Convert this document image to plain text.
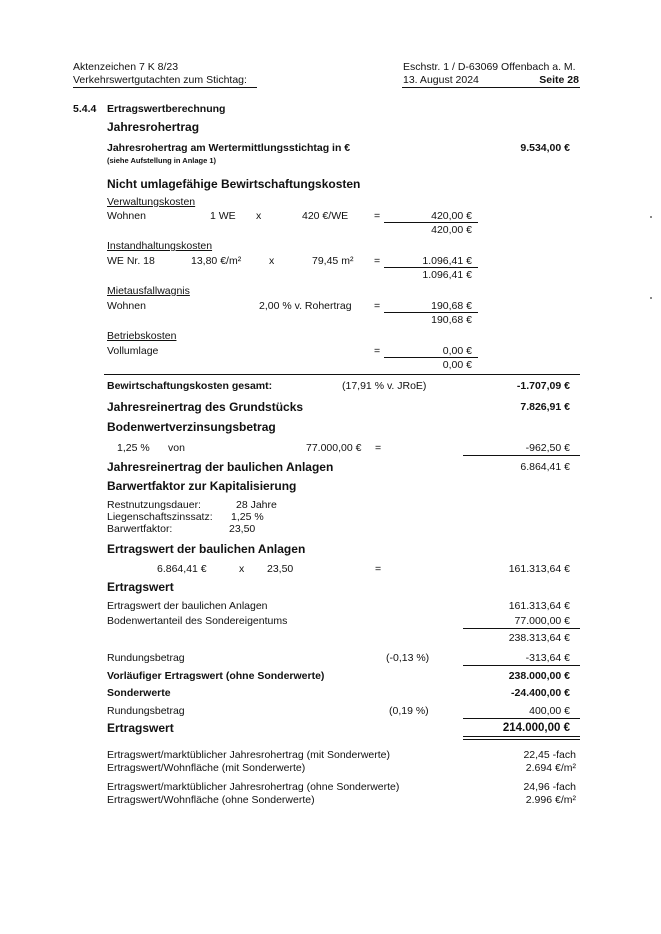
Aktenzeichen 7 K 8/23
Verkehrswertgutachten zum Stichtag:
Eschstr. 1 / D-63069 Offenbach a. M.
13. August 2024	Seite 28
5.4.4 Ertragswertberechnung
Jahresrohertrag
Jahresrohertrag am Wertermittlungsstichtag in €
(siehe Aufstellung in Anlage 1)
9.534,00 €
Nicht umlagefähige Bewirtschaftungskosten
Verwaltungskosten
Wohnen	1 WE x	420 €/WE =	420,00 €
420,00 €
Instandhaltungskosten
WE Nr. 18	13,80 €/m²	x	79,45 m² =	1.096,41 €
1.096,41 €
Mietausfallwagnis
Wohnen	2,00 % v. Rohertrag =	190,68 €
190,68 €
Betriebskosten
Vollumlage	=	0,00 €
0,00 €
Bewirtschaftungskosten gesamt:	(17,91 % v. JRoE)	-1.707,09 €
Jahresreinertrag des Grundstücks	7.826,91 €
Bodenwertverzinsungsbetrag
1,25 % von	77.000,00 € =	-962,50 €
Jahresreinertrag der baulichen Anlagen	6.864,41 €
Barwertfaktor zur Kapitalisierung
Restnutzungsdauer:	28 Jahre
Liegenschaftszinssatz: 1,25 %
Barwertfaktor:	23,50
Ertragswert der baulichen Anlagen
6.864,41 €	x 23,50	=	161.313,64 €
Ertragswert
Ertragswert der baulichen Anlagen	161.313,64 €
Bodenwertanteil des Sondereigentums	77.000,00 €
238.313,64 €
Rundungsbetrag	(-0,13 %)	-313,64 €
Vorläufiger Ertragswert (ohne Sonderwerte)	238.000,00 €
Sonderwerte	-24.400,00 €
Rundungsbetrag	(0,19 %)	400,00 €
Ertragswert	214.000,00 €
Ertragswert/marktüblicher Jahresrohertrag (mit Sonderwerte)	22,45 -fach
Ertragswert/Wohnfläche (mit Sonderwerte)	2.694 €/m²
Ertragswert/marktüblicher Jahresrohertrag (ohne Sonderwerte)	24,96 -fach
Ertragswert/Wohnfläche (ohne Sonderwerte)	2.996 €/m²
